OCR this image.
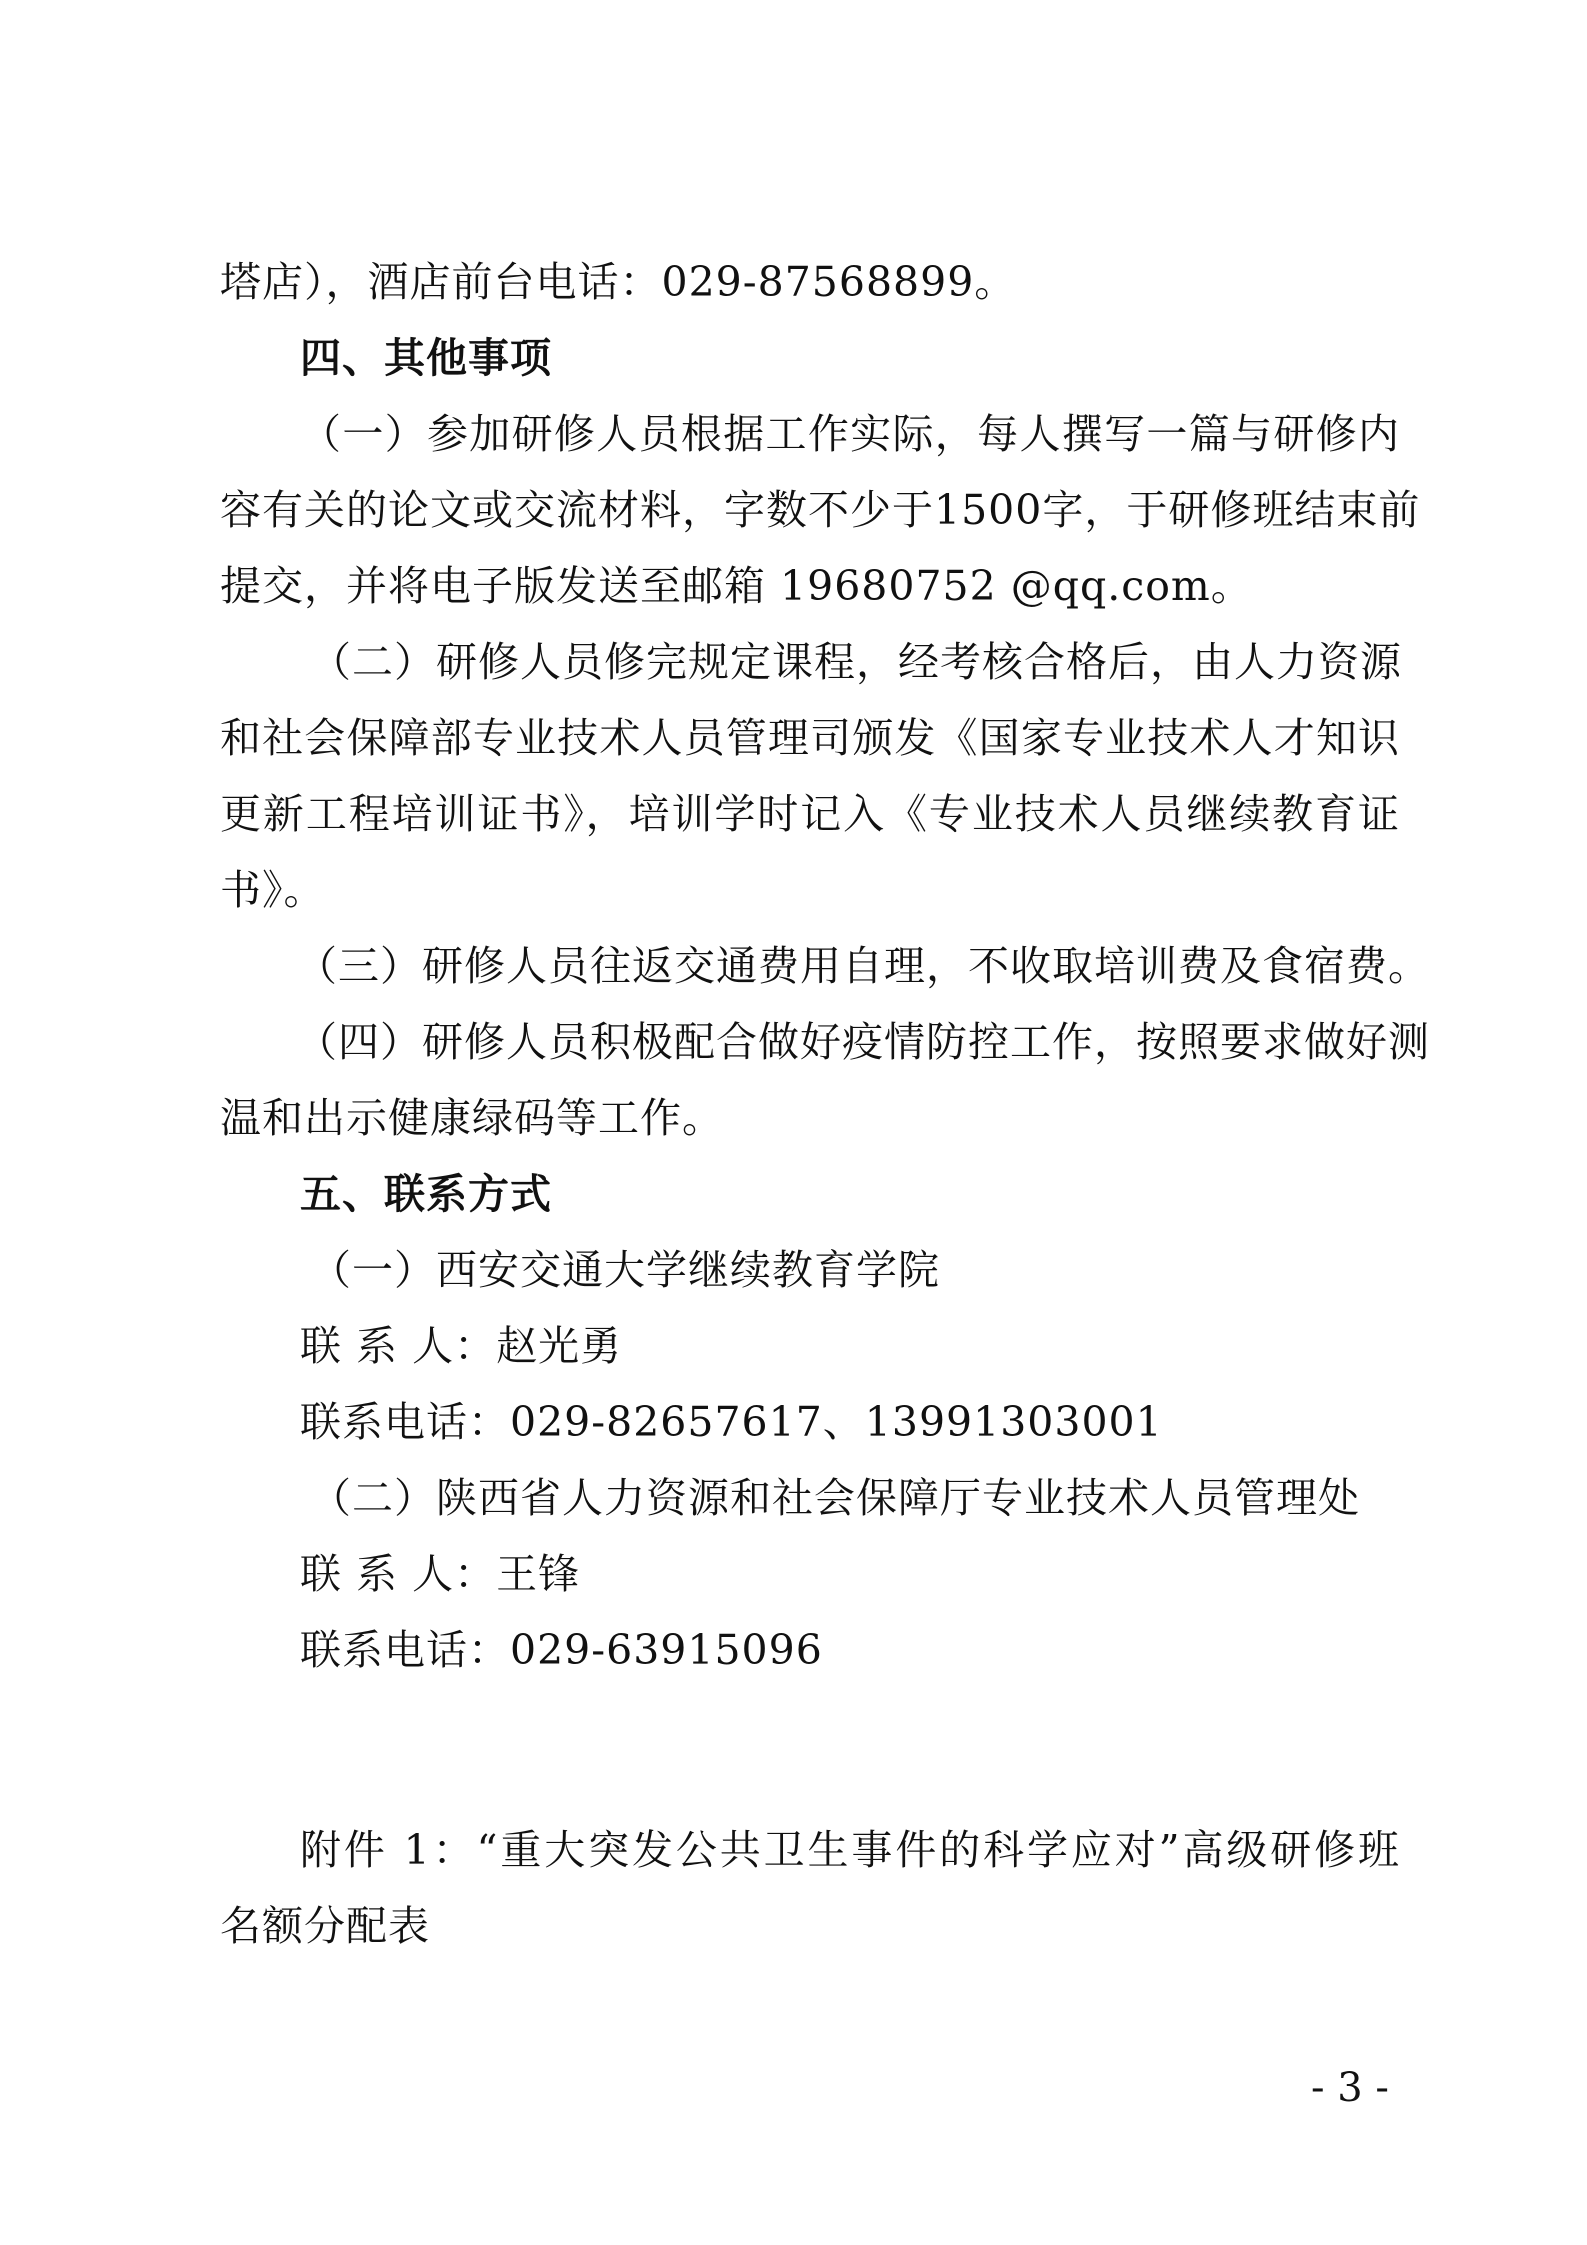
塔店），酒店前台电话：029-87568899。
四、其他事项
（一）参加研修人员根据工作实际，每人撰写一篇与研修内
容有关的论文或交流材料，字数不少于1500字，于研修班结束前
提交，并将电子版发送至邮箱 19680752 @qq.com。
（二）研修人员修完规定课程，经考核合格后，由人力资源
和社会保障部专业技术人员管理司颁发《国家专业技术人才知识
更新工程培训证书》，培训学时记入《专业技术人员继续教育证
书》。
（三）研修人员往返交通费用自理，不收取培训费及食宿费。
（四）研修人员积极配合做好疫情防控工作，按照要求做好测
温和出示健康绿码等工作。
五、联系方式
（一）西安交通大学继续教育学院
联 系 人：赵光勇
联系电话：029-82657617、13991303001
（二）陕西省人力资源和社会保障厅专业技术人员管理处
联 系 人：王锋
联系电话：029-63915096
附件 1：“重大突发公共卫生事件的科学应对”高级研修班
名额分配表
- 3 -
